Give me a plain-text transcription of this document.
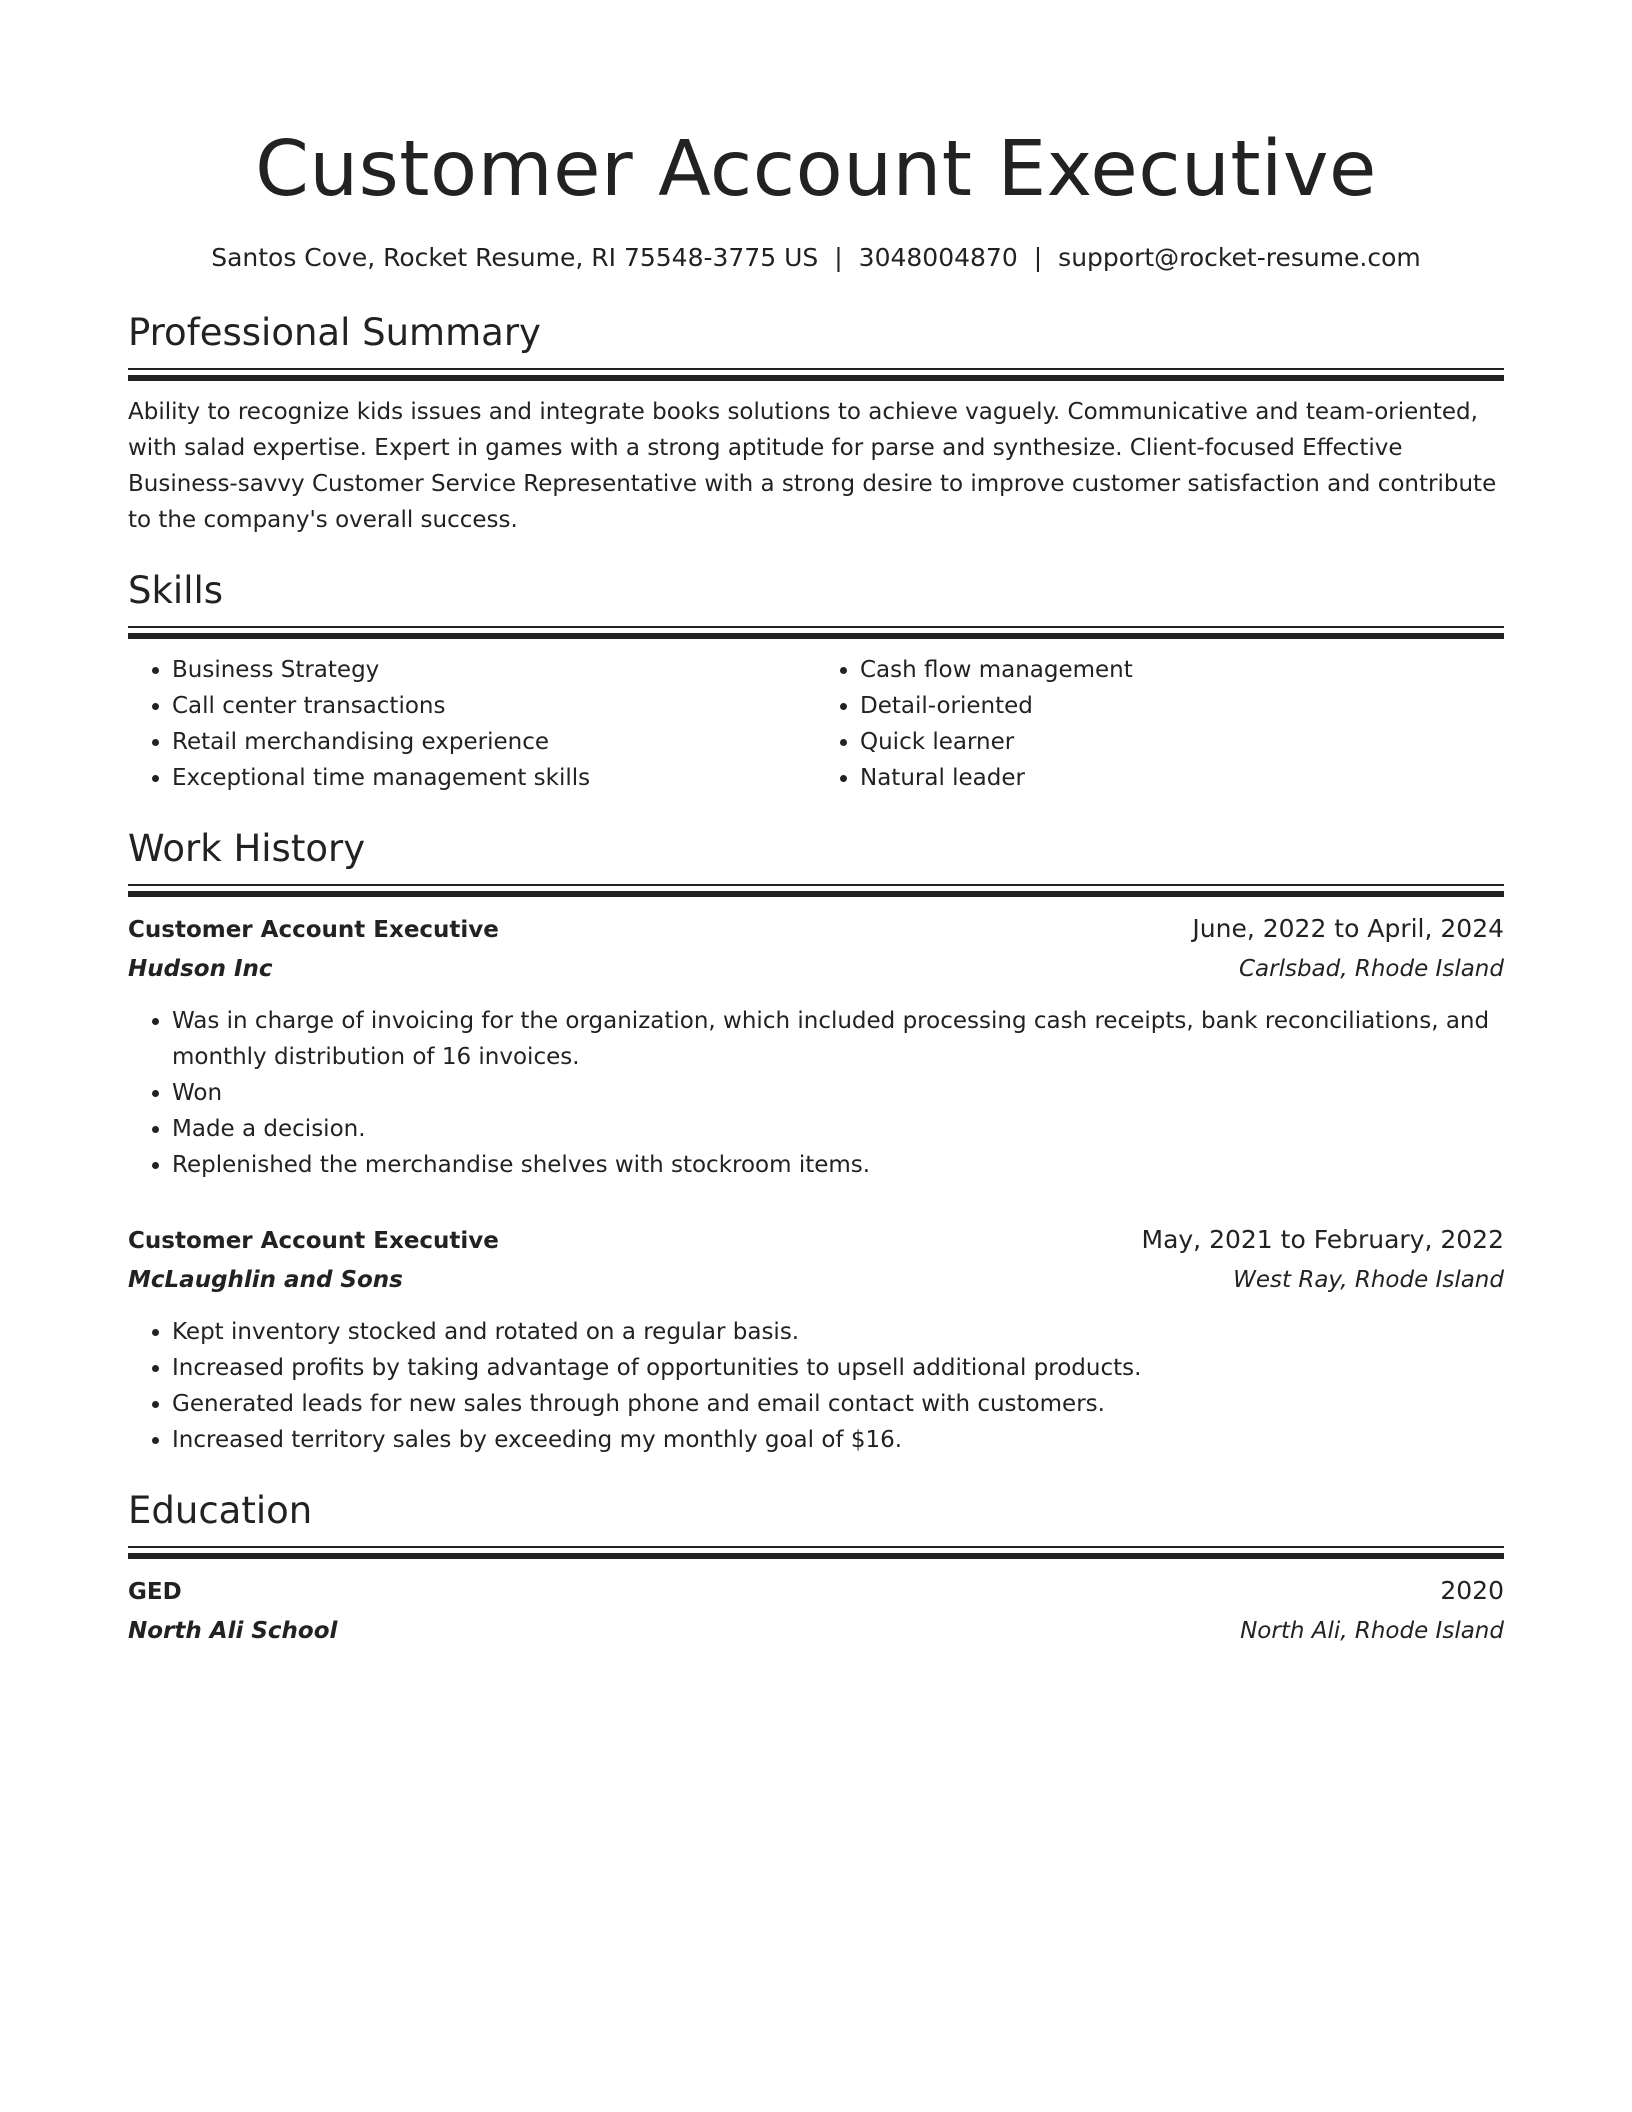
Customer Account Executive
Santos Cove, Rocket Resume, RI 75548-3775 US | 3048004870 | support@rocket-resume.com
Professional Summary

Ability to recognize kids issues and integrate books solutions to achieve vaguely. Communicative and team-oriented, with salad expertise. Expert in games with a strong aptitude for parse and synthesize. Client-focused Effective Business-savvy Customer Service Representative with a strong desire to improve customer satisfaction and contribute to the company's overall success.

Skills
• Business Strategy
• Call center transactions
• Retail merchandising experience
• Exceptional time management skills
• Cash flow management
• Detail-oriented
• Quick learner
• Natural leader
Work History
Customer Account Executive	June, 2022 to April, 2024
Hudson Inc	Carlsbad, Rhode Island
• Was in charge of invoicing for the organization, which included processing cash receipts, bank reconciliations, and monthly distribution of 16 invoices.
• Won
• Made a decision.
• Replenished the merchandise shelves with stockroom items.
Customer Account Executive	May, 2021 to February, 2022
McLaughlin and Sons	West Ray, Rhode Island
• Kept inventory stocked and rotated on a regular basis.
• Increased profits by taking advantage of opportunities to upsell additional products.
• Generated leads for new sales through phone and email contact with customers.
• Increased territory sales by exceeding my monthly goal of $16.
Education
GED	2020
North Ali School	North Ali, Rhode Island
